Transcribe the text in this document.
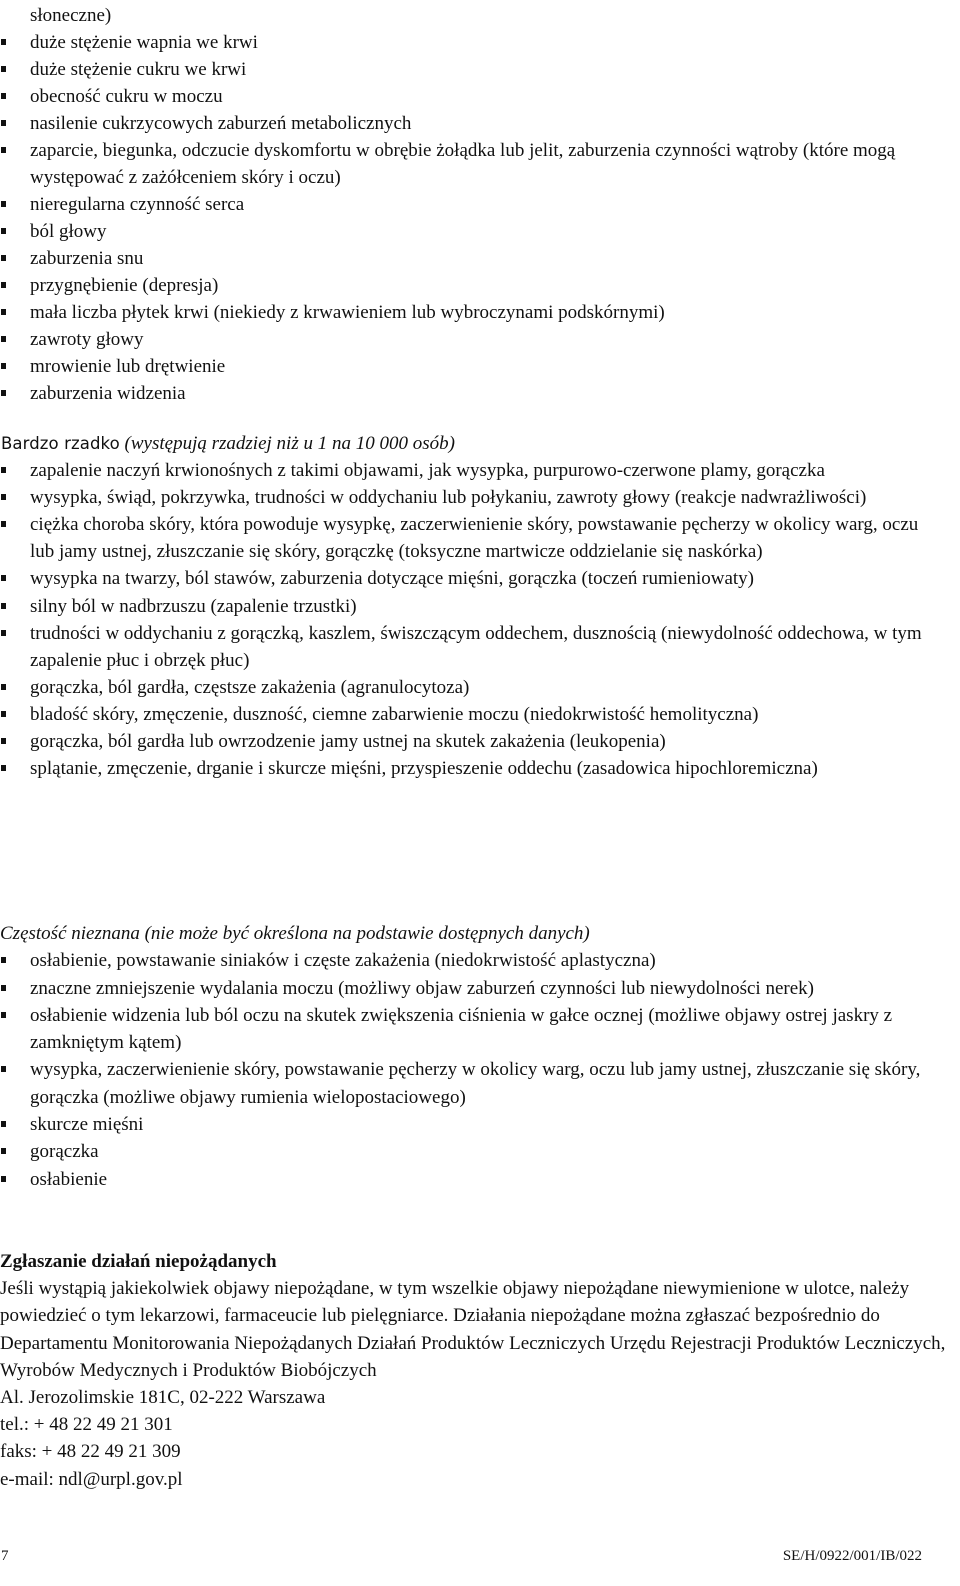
słoneczne)
duże stężenie wapnia we krwi
duże stężenie cukru we krwi
obecność cukru w moczu
nasilenie cukrzycowych zaburzeń metabolicznych
zaparcie, biegunka, odczucie dyskomfortu w obrębie żołądka lub jelit, zaburzenia czynności wątroby (które mogą występować z zażółceniem skóry i oczu)
nieregularna czynność serca
ból głowy
zaburzenia snu
przygnębienie (depresja)
mała liczba płytek krwi (niekiedy z krwawieniem lub wybroczynami podskórnymi)
zawroty głowy
mrowienie lub drętwienie
zaburzenia widzenia

Bardzo rzadko (występują rzadziej niż u 1 na 10 000 osób)

zapalenie naczyń krwionośnych z takimi objawami, jak wysypka, purpurowo-czerwone plamy, gorączka
wysypka, świąd, pokrzywka, trudności w oddychaniu lub połykaniu, zawroty głowy (reakcje nadwrażliwości)
ciężka choroba skóry, która powoduje wysypkę, zaczerwienienie skóry, powstawanie pęcherzy w okolicy warg, oczu lub jamy ustnej, złuszczanie się skóry, gorączkę (toksyczne martwicze oddzielanie się naskórka)
wysypka na twarzy, ból stawów, zaburzenia dotyczące mięśni, gorączka (toczeń rumieniowaty)
silny ból w nadbrzuszu (zapalenie trzustki)
trudności w oddychaniu z gorączką, kaszlem, świszczącym oddechem, dusznością (niewydolność oddechowa, w tym zapalenie płuc i obrzęk płuc)
gorączka, ból gardła, częstsze zakażenia (agranulocytoza)
bladość skóry, zmęczenie, duszność, ciemne zabarwienie moczu (niedokrwistość hemolityczna)
gorączka, ból gardła lub owrzodzenie jamy ustnej na skutek zakażenia (leukopenia)
splątanie, zmęczenie, drganie i skurcze mięśni, przyspieszenie oddechu (zasadowica hipochloremiczna)

Częstość nieznana (nie może być określona na podstawie dostępnych danych)

osłabienie, powstawanie siniaków i częste zakażenia (niedokrwistość aplastyczna)
znaczne zmniejszenie wydalania moczu (możliwy objaw zaburzeń czynności lub niewydolności nerek)
osłabienie widzenia lub ból oczu na skutek zwiększenia ciśnienia w gałce ocznej (możliwe objawy ostrej jaskry z zamkniętym kątem)
wysypka, zaczerwienienie skóry, powstawanie pęcherzy w okolicy warg, oczu lub jamy ustnej, złuszczanie się skóry, gorączka (możliwe objawy rumienia wielopostaciowego)
skurcze mięśni
gorączka
osłabienie

Zgłaszanie działań niepożądanych

Jeśli wystąpią jakiekolwiek objawy niepożądane, w tym wszelkie objawy niepożądane niewymienione w ulotce, należy powiedzieć o tym lekarzowi, farmaceucie lub pielęgniarce. Działania niepożądane można zgłaszać bezpośrednio do Departamentu Monitorowania Niepożądanych Działań Produktów Leczniczych Urzędu Rejestracji Produktów Leczniczych, Wyrobów Medycznych i Produktów Biobójczych

Al. Jerozolimskie 181C, 02-222 Warszawa

tel.: + 48 22 49 21 301

faks: + 48 22 49 21 309

e-mail: ndl@urpl.gov.pl

7	SE/H/0922/001/IB/022
